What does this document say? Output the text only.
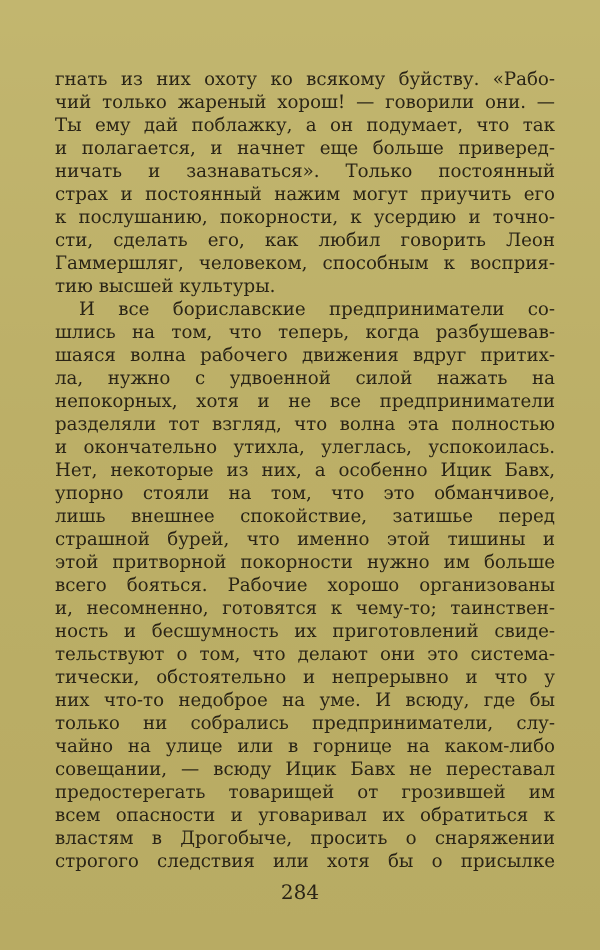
гнать из них охоту ко всякому буйству. «Рабо-
чий только жареный хорош! — говорили они. —
Ты ему дай поблажку, а он подумает, что так
и полагается, и начнет еще больше приверед-
ничать и зазнаваться». Только постоянный
страх и постоянный нажим могут приучить его
к послушанию, покорности, к усердию и точно-
сти, сделать его, как любил говорить Леон
Гаммершляг, человеком, способным к восприя-
тию высшей культуры.
И все бориславские предприниматели со-
шлись на том, что теперь, когда разбушевав-
шаяся волна рабочего движения вдруг притих-
ла, нужно с удвоенной силой нажать на
непокорных, хотя и не все предприниматели
разделяли тот взгляд, что волна эта полностью
и окончательно утихла, улеглась, успокоилась.
Нет, некоторые из них, а особенно Ицик Бавх,
упорно стояли на том, что это обманчивое,
лишь внешнее спокойствие, затишье перед
страшной бурей, что именно этой тишины и
этой притворной покорности нужно им больше
всего бояться. Рабочие хорошо организованы
и, несомненно, готовятся к чему-то; таинствен-
ность и бесшумность их приготовлений свиде-
тельствуют о том, что делают они это система-
тически, обстоятельно и непрерывно и что у
них что-то недоброе на уме. И всюду, где бы
только ни собрались предприниматели, слу-
чайно на улице или в горнице на каком-либо
совещании, — всюду Ицик Бавх не переставал
предостерегать товарищей от грозившей им
всем опасности и уговаривал их обратиться к
властям в Дрогобыче, просить о снаряжении
строгого следствия или хотя бы о присылке
284
